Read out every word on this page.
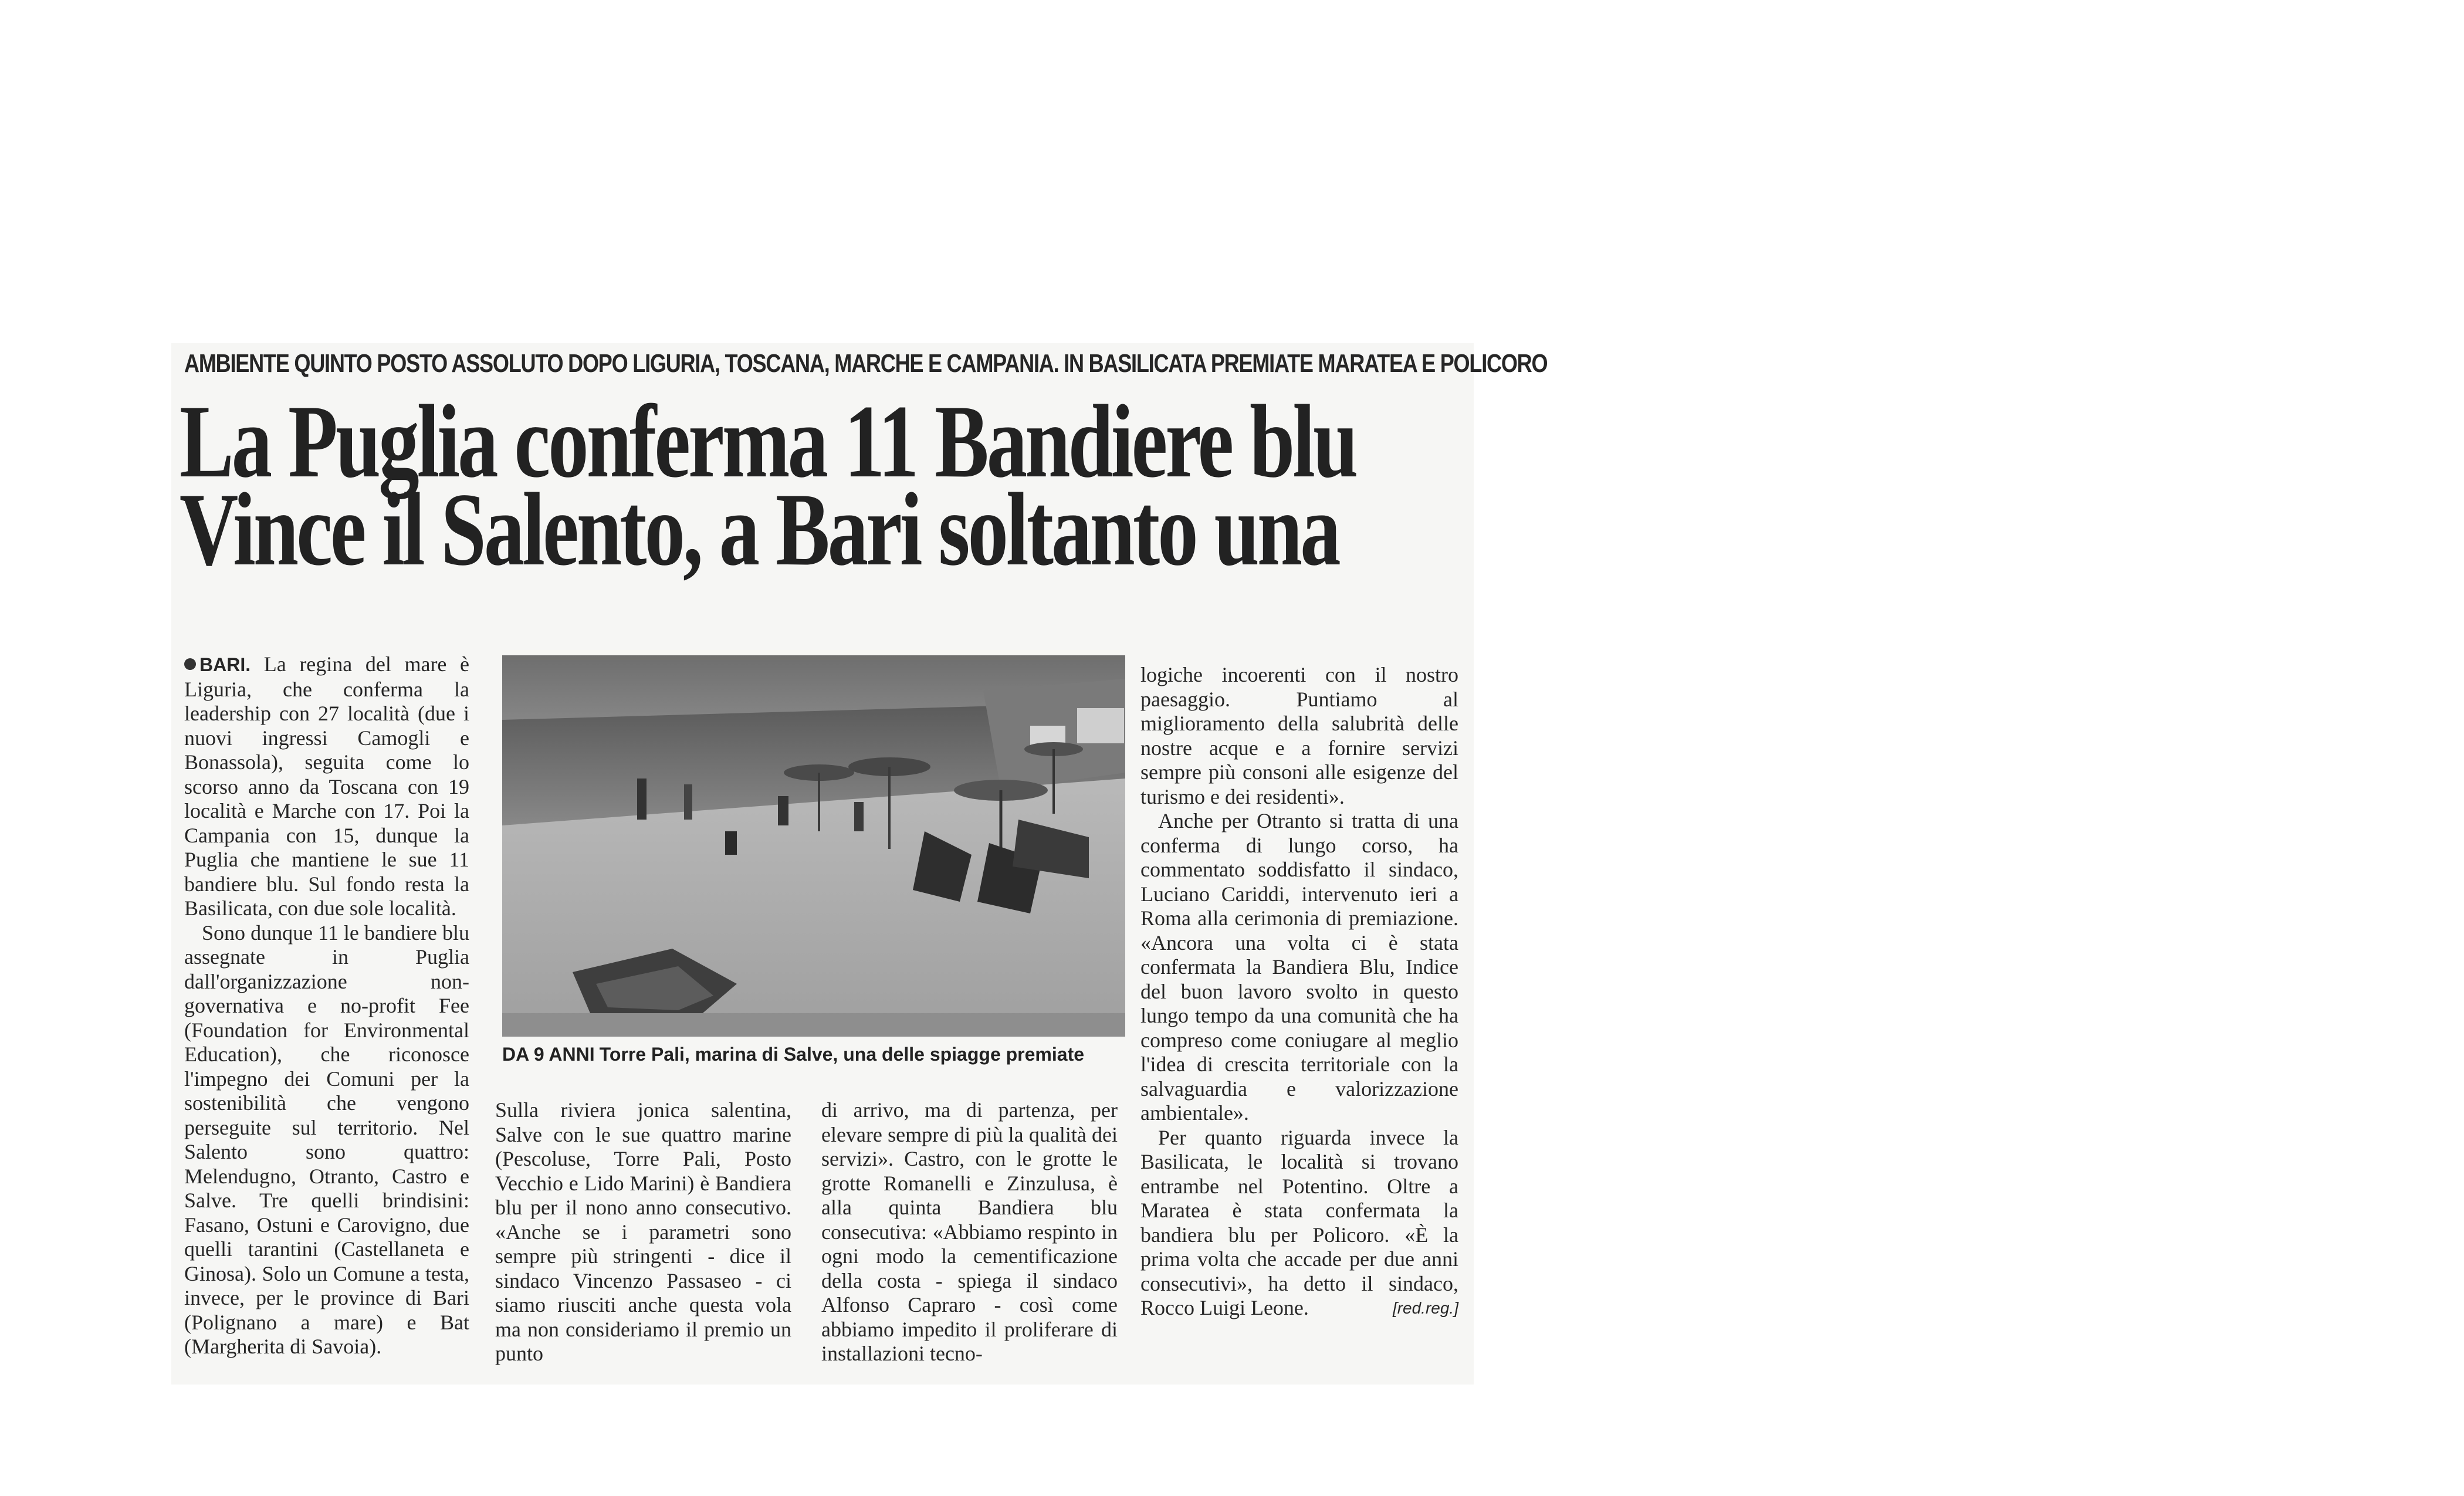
AMBIENTE QUINTO POSTO ASSOLUTO DOPO LIGURIA, TOSCANA, MARCHE E CAMPANIA. IN BASILICATA PREMIATE MARATEA E POLICORO
La Puglia conferma 11 Bandiere blu
Vince il Salento, a Bari soltanto una

BARI. La regina del mare è Liguria, che conferma la leadership con 27 località (due i nuovi ingressi Camogli e Bonassola), seguita come lo scorso anno da Toscana con 19 località e Marche con 17. Poi la Campania con 15, dunque la Puglia che mantiene le sue 11 bandiere blu. Sul fondo resta la Basilicata, con due sole località.

Sono dunque 11 le bandiere blu assegnate in Puglia dall'organizzazione non-governativa e no-profit Fee (Foundation for Environmental Education), che riconosce l'impegno dei Comuni per la sostenibilità che vengono perseguite sul territorio. Nel Salento sono quattro: Melendugno, Otranto, Castro e Salve. Tre quelli brindisini: Fasano, Ostuni e Carovigno, due quelli tarantini (Castellaneta e Ginosa). Solo un Comune a testa, invece, per le province di Bari (Polignano a mare) e Bat (Margherita di Savoia).

DA 9 ANNI Torre Pali, marina di Salve, una delle spiagge premiate

Sulla riviera jonica salentina, Salve con le sue quattro marine (Pescoluse, Torre Pali, Posto Vecchio e Lido Marini) è Bandiera blu per il nono anno consecutivo. «Anche se i parametri sono sempre più stringenti - dice il sindaco Vincenzo Passaseo - ci siamo riusciti anche questa vola ma non consideriamo il premio un punto

di arrivo, ma di partenza, per elevare sempre di più la qualità dei servizi». Castro, con le grotte le grotte Romanelli e Zinzulusa, è alla quinta Bandiera blu consecutiva: «Abbiamo respinto in ogni modo la cementificazione della costa - spiega il sindaco Alfonso Capraro - così come abbiamo impedito il proliferare di installazioni tecno-

logiche incoerenti con il nostro paesaggio. Puntiamo al miglioramento della salubrità delle nostre acque e a fornire servizi sempre più consoni alle esigenze del turismo e dei residenti».

Anche per Otranto si tratta di una conferma di lungo corso, ha commentato soddisfatto il sindaco, Luciano Cariddi, intervenuto ieri a Roma alla cerimonia di premiazione. «Ancora una volta ci è stata confermata la Bandiera Blu, Indice del buon lavoro svolto in questo lungo tempo da una comunità che ha compreso come coniugare al meglio l'idea di crescita territoriale con la salvaguardia e valorizzazione ambientale».

Per quanto riguarda invece la Basilicata, le località si trovano entrambe nel Potentino. Oltre a Maratea è stata confermata la bandiera blu per Policoro. «È la prima volta che accade per due anni consecutivi», ha detto il sindaco, Rocco Luigi Leone.	[red.reg.]
